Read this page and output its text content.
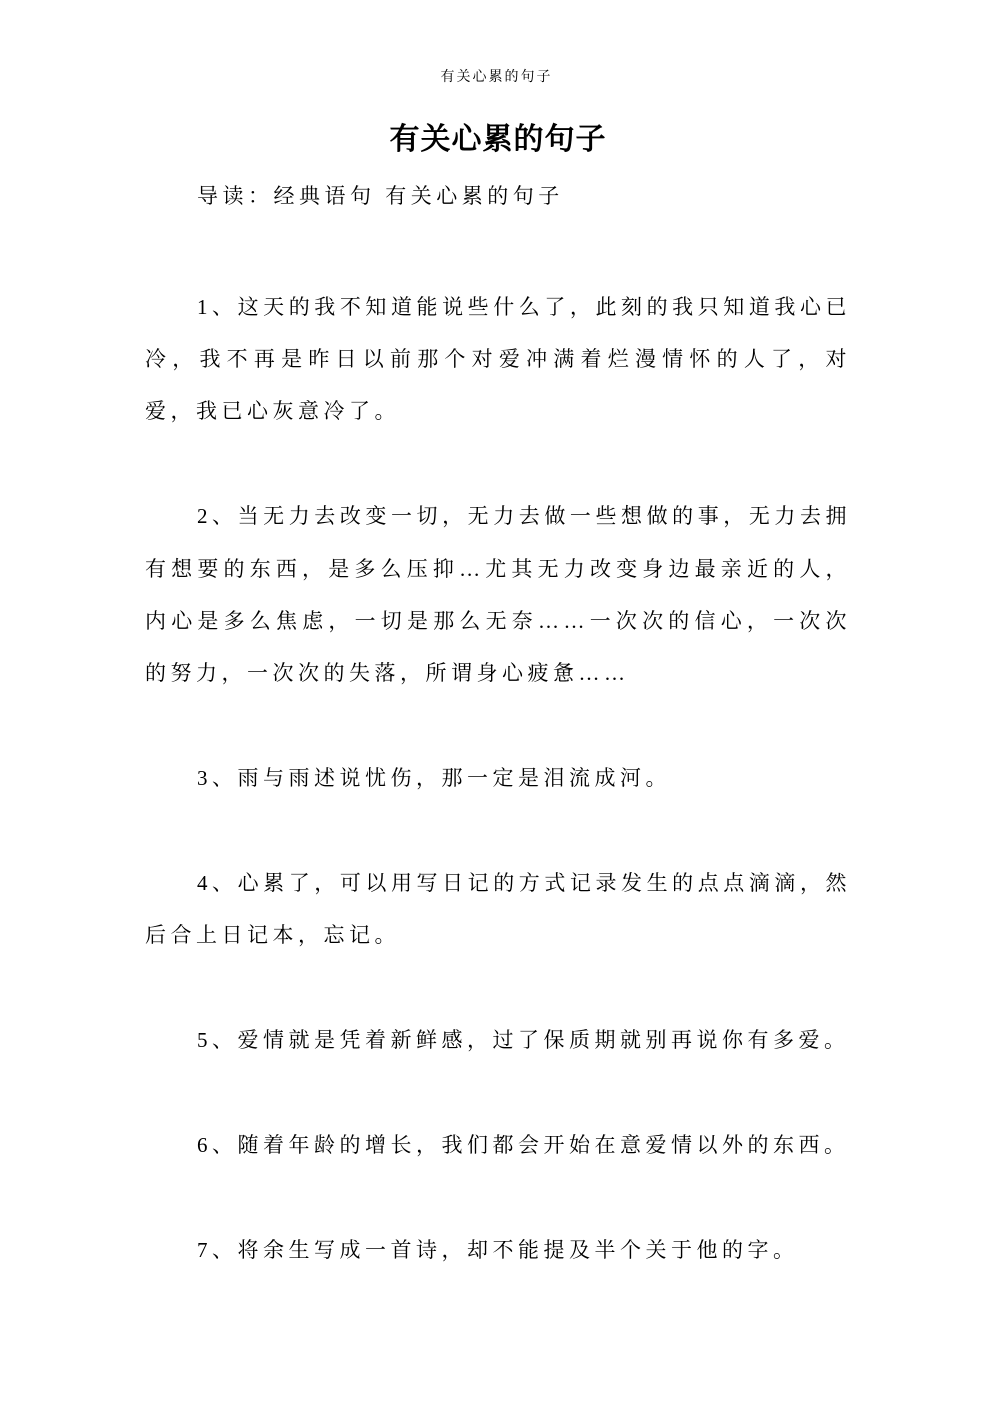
有关心累的句子
有关心累的句子

导读：经典语句 有关心累的句子

1、这天的我不知道能说些什么了，此刻的我只知道我心已冷，我不再是昨日以前那个对爱冲满着烂漫情怀的人了，对爱，我已心灰意冷了。

2、当无力去改变一切，无力去做一些想做的事，无力去拥有想要的东西，是多么压抑…尤其无力改变身边最亲近的人，内心是多么焦虑，一切是那么无奈……一次次的信心，一次次的努力，一次次的失落，所谓身心疲惫……

3、雨与雨述说忧伤，那一定是泪流成河。

4、心累了，可以用写日记的方式记录发生的点点滴滴，然后合上日记本，忘记。

5、爱情就是凭着新鲜感，过了保质期就别再说你有多爱。

6、随着年龄的增长，我们都会开始在意爱情以外的东西。

7、将余生写成一首诗，却不能提及半个关于他的字。
